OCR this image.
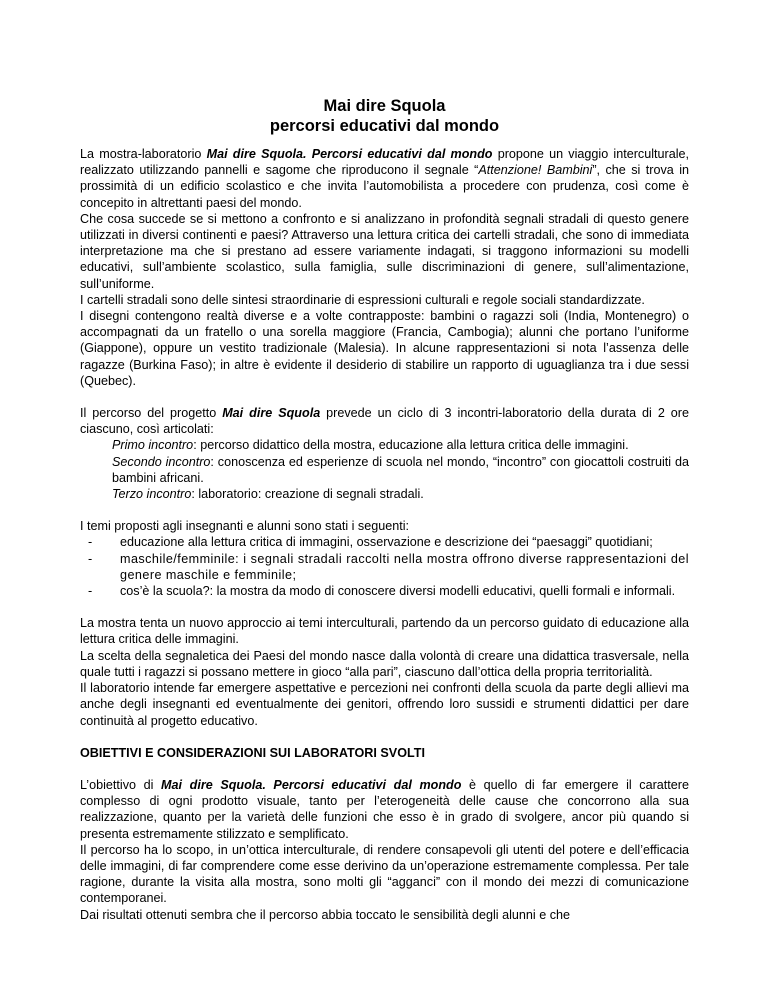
Mai dire Squola
percorsi educativi dal mondo

La mostra-laboratorio Mai dire Squola. Percorsi educativi dal mondo propone un viaggio interculturale, realizzato utilizzando pannelli e sagome che riproducono il segnale “Attenzione! Bambini”, che si trova in prossimità di un edificio scolastico e che invita l’automobilista a procedere con prudenza, così come è concepito in altrettanti paesi del mondo.

Che cosa succede se si mettono a confronto e si analizzano in profondità segnali stradali di questo genere utilizzati in diversi continenti e paesi? Attraverso una lettura critica dei cartelli stradali, che sono di immediata interpretazione ma che si prestano ad essere variamente indagati, si traggono informazioni su modelli educativi, sull’ambiente scolastico, sulla famiglia, sulle discriminazioni di genere, sull’alimentazione, sull’uniforme.

I cartelli stradali sono delle sintesi straordinarie di espressioni culturali e regole sociali standardizzate.

I disegni contengono realtà diverse e a volte contrapposte: bambini o ragazzi soli (India, Montenegro) o accompagnati da un fratello o una sorella maggiore (Francia, Cambogia); alunni che portano l’uniforme (Giappone), oppure un vestito tradizionale (Malesia). In alcune rappresentazioni si nota l’assenza delle ragazze (Burkina Faso); in altre è evidente il desiderio di stabilire un rapporto di uguaglianza tra i due sessi (Quebec).

Il percorso del progetto Mai dire Squola prevede un ciclo di 3 incontri-laboratorio della durata di 2 ore ciascuno, così articolati:

Primo incontro: percorso didattico della mostra, educazione alla lettura critica delle immagini.

Secondo incontro: conoscenza ed esperienze di scuola nel mondo, “incontro” con giocattoli costruiti da bambini africani.

Terzo incontro: laboratorio: creazione di segnali stradali.

I temi proposti agli insegnanti e alunni sono stati i seguenti:

- educazione alla lettura critica di immagini, osservazione e descrizione dei “paesaggi” quotidiani;
- maschile/femminile: i segnali stradali raccolti nella mostra offrono diverse rappresentazioni del genere maschile e femminile;
- cos’è la scuola?: la mostra da modo di conoscere diversi modelli educativi, quelli formali e informali.

La mostra tenta un nuovo approccio ai temi interculturali, partendo da un percorso guidato di educazione alla lettura critica delle immagini.

La scelta della segnaletica dei Paesi del mondo nasce dalla volontà di creare una didattica trasversale, nella quale tutti i ragazzi si possano mettere in gioco “alla pari”, ciascuno dall’ottica della propria territorialità.

Il laboratorio intende far emergere aspettative e percezioni nei confronti della scuola da parte degli allievi ma anche degli insegnanti ed eventualmente dei genitori, offrendo loro sussidi e strumenti didattici per dare continuità al progetto educativo.

OBIETTIVI E CONSIDERAZIONI SUI LABORATORI SVOLTI

L’obiettivo di Mai dire Squola. Percorsi educativi dal mondo è quello di far emergere il carattere complesso di ogni prodotto visuale, tanto per l’eterogeneità delle cause che concorrono alla sua realizzazione, quanto per la varietà delle funzioni che esso è in grado di svolgere, ancor più quando si presenta estremamente stilizzato e semplificato.

Il percorso ha lo scopo, in un’ottica interculturale, di rendere consapevoli gli utenti del potere e dell’efficacia delle immagini, di far comprendere come esse derivino da un’operazione estremamente complessa. Per tale ragione, durante la visita alla mostra, sono molti gli “agganci” con il mondo dei mezzi di comunicazione contemporanei.

Dai risultati ottenuti sembra che il percorso abbia toccato le sensibilità degli alunni e che
